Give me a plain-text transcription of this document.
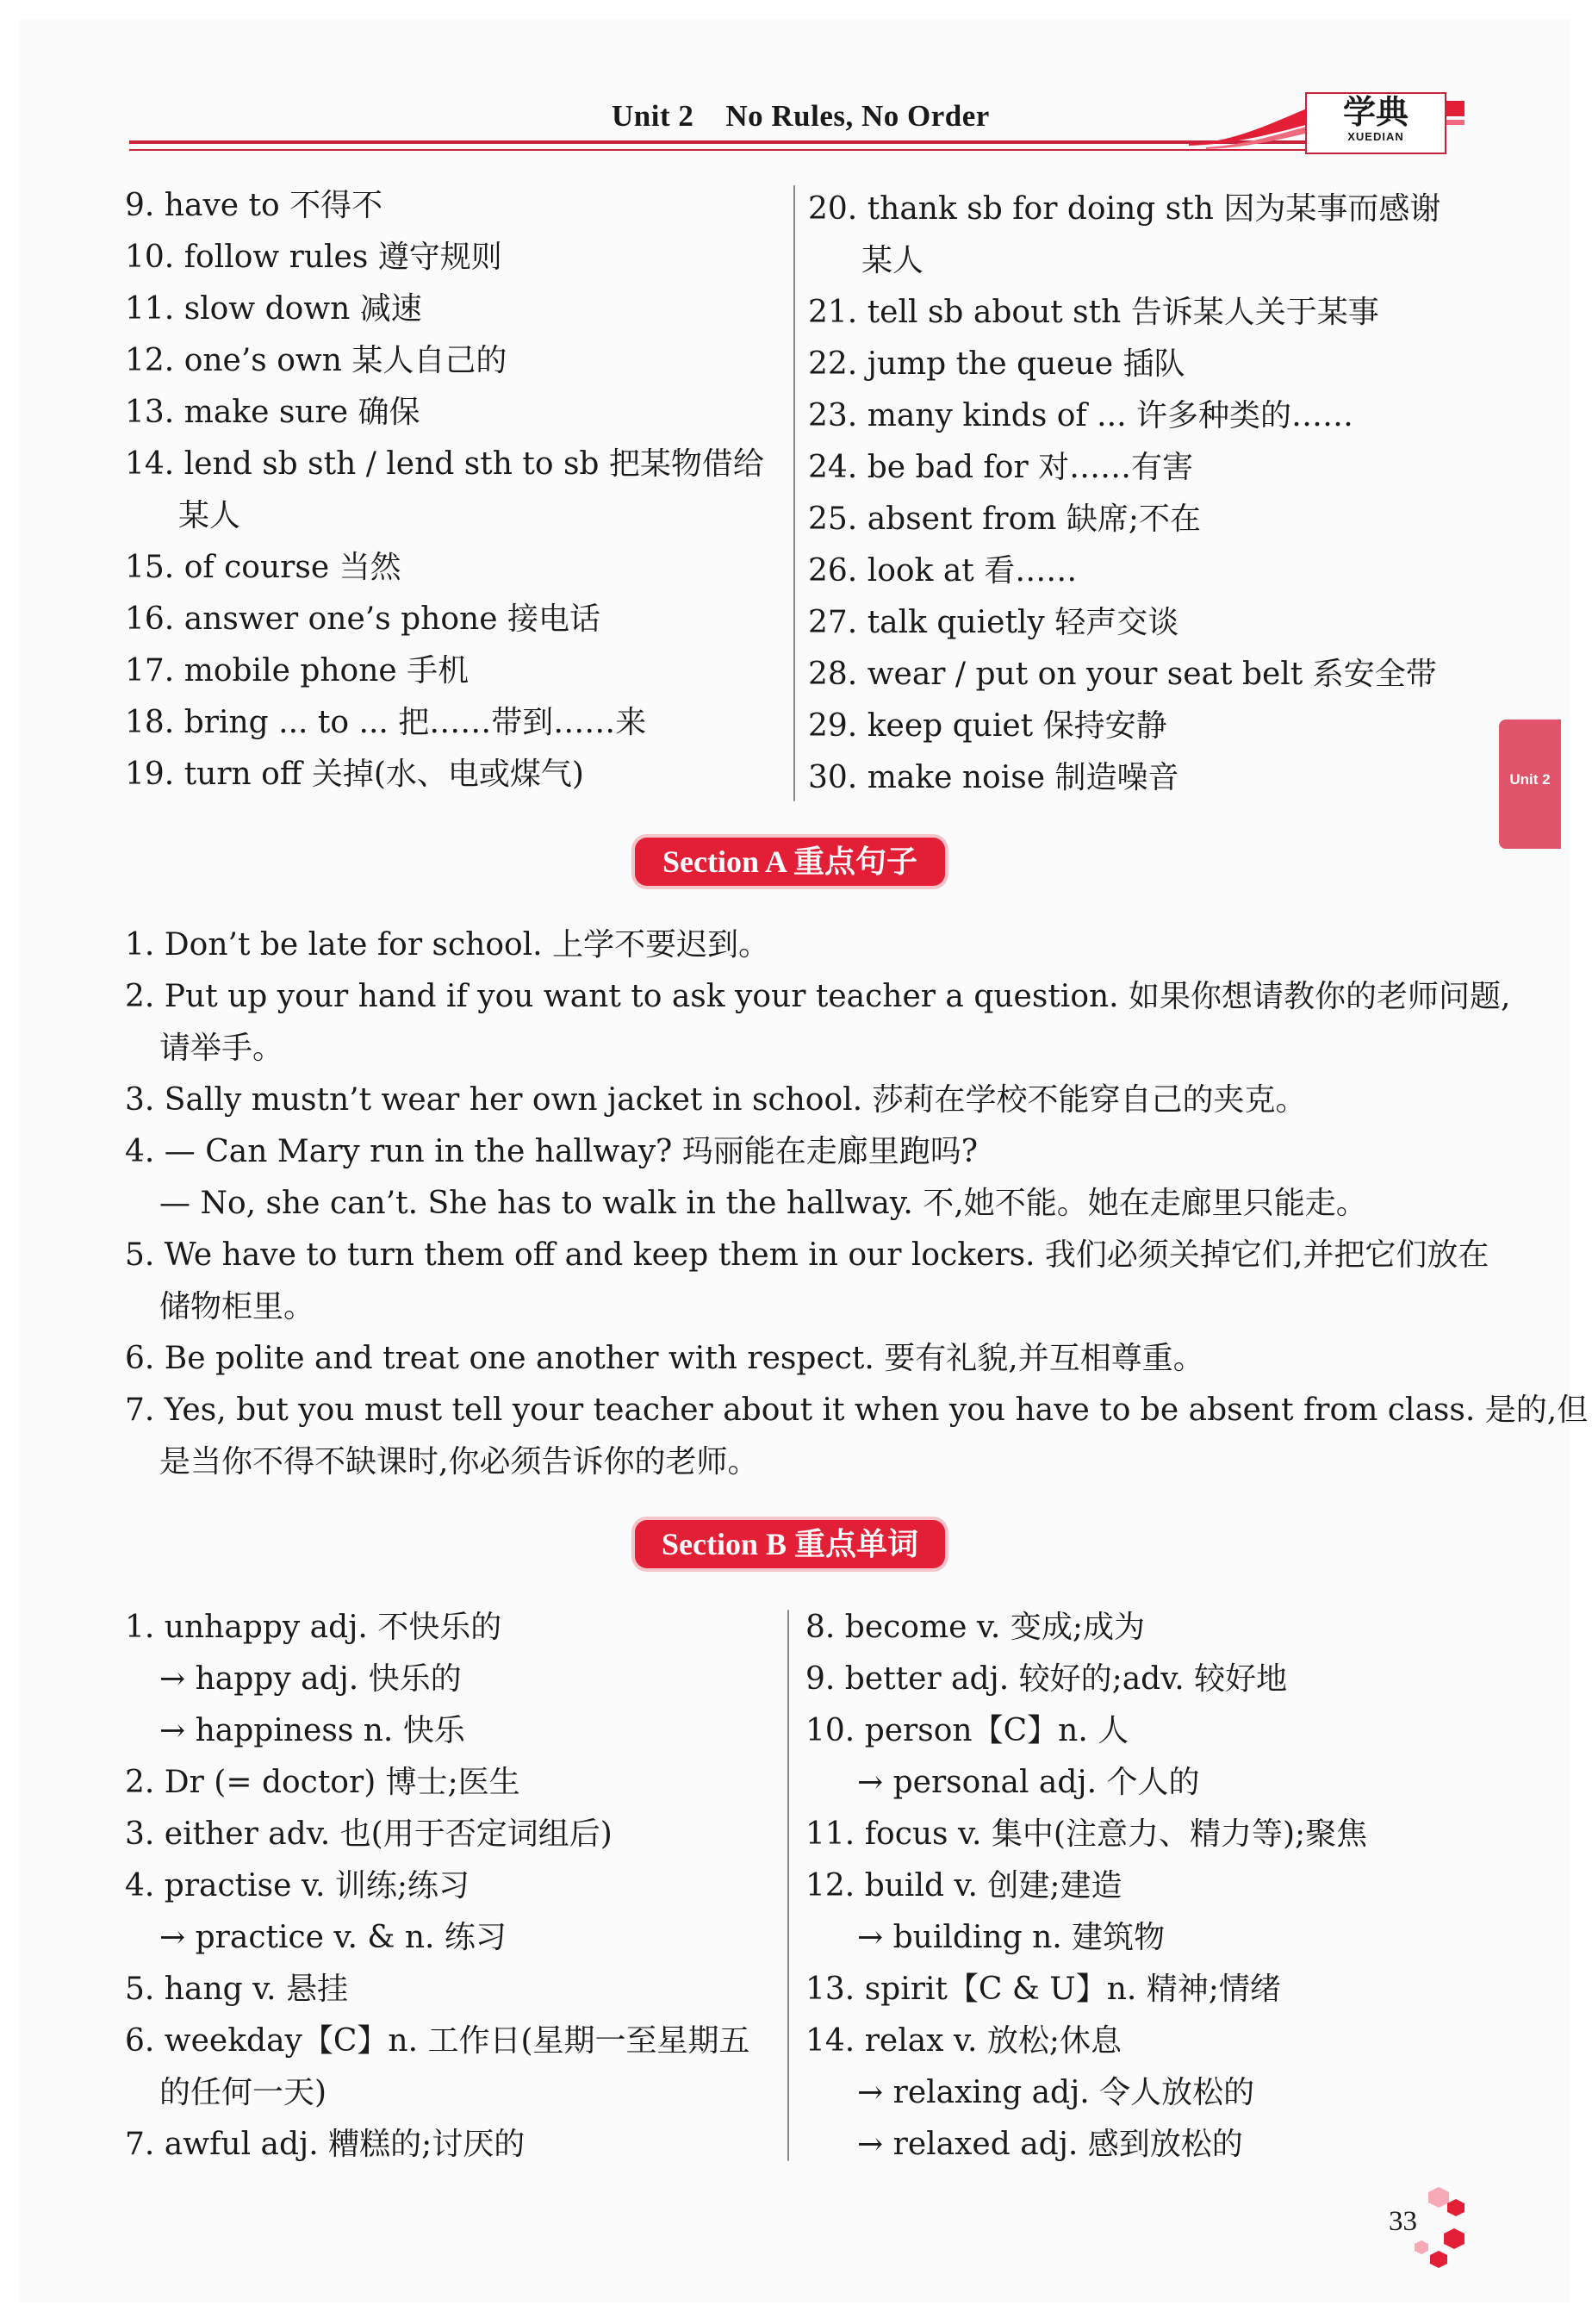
Unit 2    No Rules, No Order	学典
XUEDIAN
Unit 2
9. have to 不得不
10. follow rules 遵守规则
11. slow down 减速
12. one’s own 某人自己的
13. make sure 确保
14. lend sb sth / lend sth to sb 把某物借给
某人
15. of course 当然
16. answer one’s phone 接电话
17. mobile phone 手机
18. bring ... to ... 把……带到……来
19. turn off 关掉(水、电或煤气)
20. thank sb for doing sth 因为某事而感谢
某人
21. tell sb about sth 告诉某人关于某事
22. jump the queue 插队
23. many kinds of ... 许多种类的……
24. be bad for 对……有害
25. absent from 缺席;不在
26. look at 看……
27. talk quietly 轻声交谈
28. wear / put on your seat belt 系安全带
29. keep quiet 保持安静
30. make noise 制造噪音
Section A 重点句子
1. Don’t be late for school. 上学不要迟到。
2. Put up your hand if you want to ask your teacher a question. 如果你想请教你的老师问题,
请举手。
3. Sally mustn’t wear her own jacket in school. 莎莉在学校不能穿自己的夹克。
4. — Can Mary run in the hallway? 玛丽能在走廊里跑吗?
— No, she can’t. She has to walk in the hallway. 不,她不能。她在走廊里只能走。
5. We have to turn them off and keep them in our lockers. 我们必须关掉它们,并把它们放在
储物柜里。
6. Be polite and treat one another with respect. 要有礼貌,并互相尊重。
7. Yes, but you must tell your teacher about it when you have to be absent from class. 是的,但
是当你不得不缺课时,你必须告诉你的老师。
Section B 重点单词
1. unhappy adj. 不快乐的
→ happy adj. 快乐的
→ happiness n. 快乐
2. Dr (= doctor) 博士;医生
3. either adv. 也(用于否定词组后)
4. practise v. 训练;练习
→ practice v. & n. 练习
5. hang v. 悬挂
6. weekday【C】n. 工作日(星期一至星期五
的任何一天)
7. awful adj. 糟糕的;讨厌的
8. become v. 变成;成为
9. better adj. 较好的;adv. 较好地
10. person【C】n. 人
→ personal adj. 个人的
11. focus v. 集中(注意力、精力等);聚焦
12. build v. 创建;建造
→ building n. 建筑物
13. spirit【C & U】n. 精神;情绪
14. relax v. 放松;休息
→ relaxing adj. 令人放松的
→ relaxed adj. 感到放松的
33
